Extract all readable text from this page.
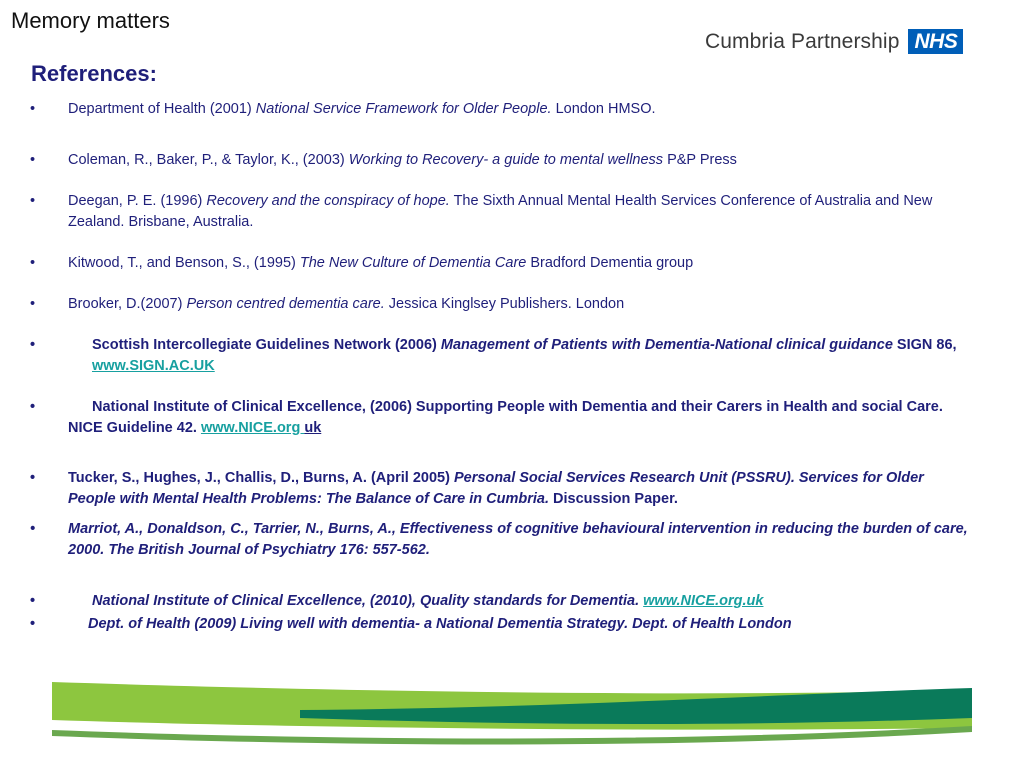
Memory matters
Cumbria Partnership NHS
References:
• Department of Health (2001) National Service Framework for Older People. London HMSO.
• Coleman, R., Baker, P., & Taylor, K., (2003) Working to Recovery- a guide to mental wellness P&P Press
• Deegan, P. E. (1996) Recovery and the conspiracy of hope. The Sixth Annual Mental Health Services Conference of Australia and New Zealand. Brisbane, Australia.
• Kitwood, T., and Benson, S., (1995) The New Culture of Dementia Care Bradford Dementia group
• Brooker, D.(2007) Person centred dementia care. Jessica Kinglsey Publishers. London
•	Scottish Intercollegiate Guidelines Network (2006) Management of Patients with Dementia-National clinical guidance SIGN 86,www.SIGN.AC.UK
•	National Institute of Clinical Excellence, (2006) Supporting People with Dementia and their Carers in Health and social Care. NICE Guideline 42. www.NICE.org uk
• Tucker, S., Hughes, J., Challis, D., Burns, A. (April 2005) Personal Social Services Research Unit (PSSRU). Services for Older People with Mental Health Problems: The Balance of Care in Cumbria. Discussion Paper.
• Marriot, A., Donaldson, C., Tarrier, N., Burns, A., Effectiveness of cognitive behavioural intervention in reducing the burden of care, 2000. The British Journal of Psychiatry 176: 557-562.
•	National Institute of Clinical Excellence, (2010), Quality standards for Dementia. www.NICE.org.uk
•	Dept. of Health (2009) Living well with dementia- a National Dementia Strategy. Dept. of Health London
